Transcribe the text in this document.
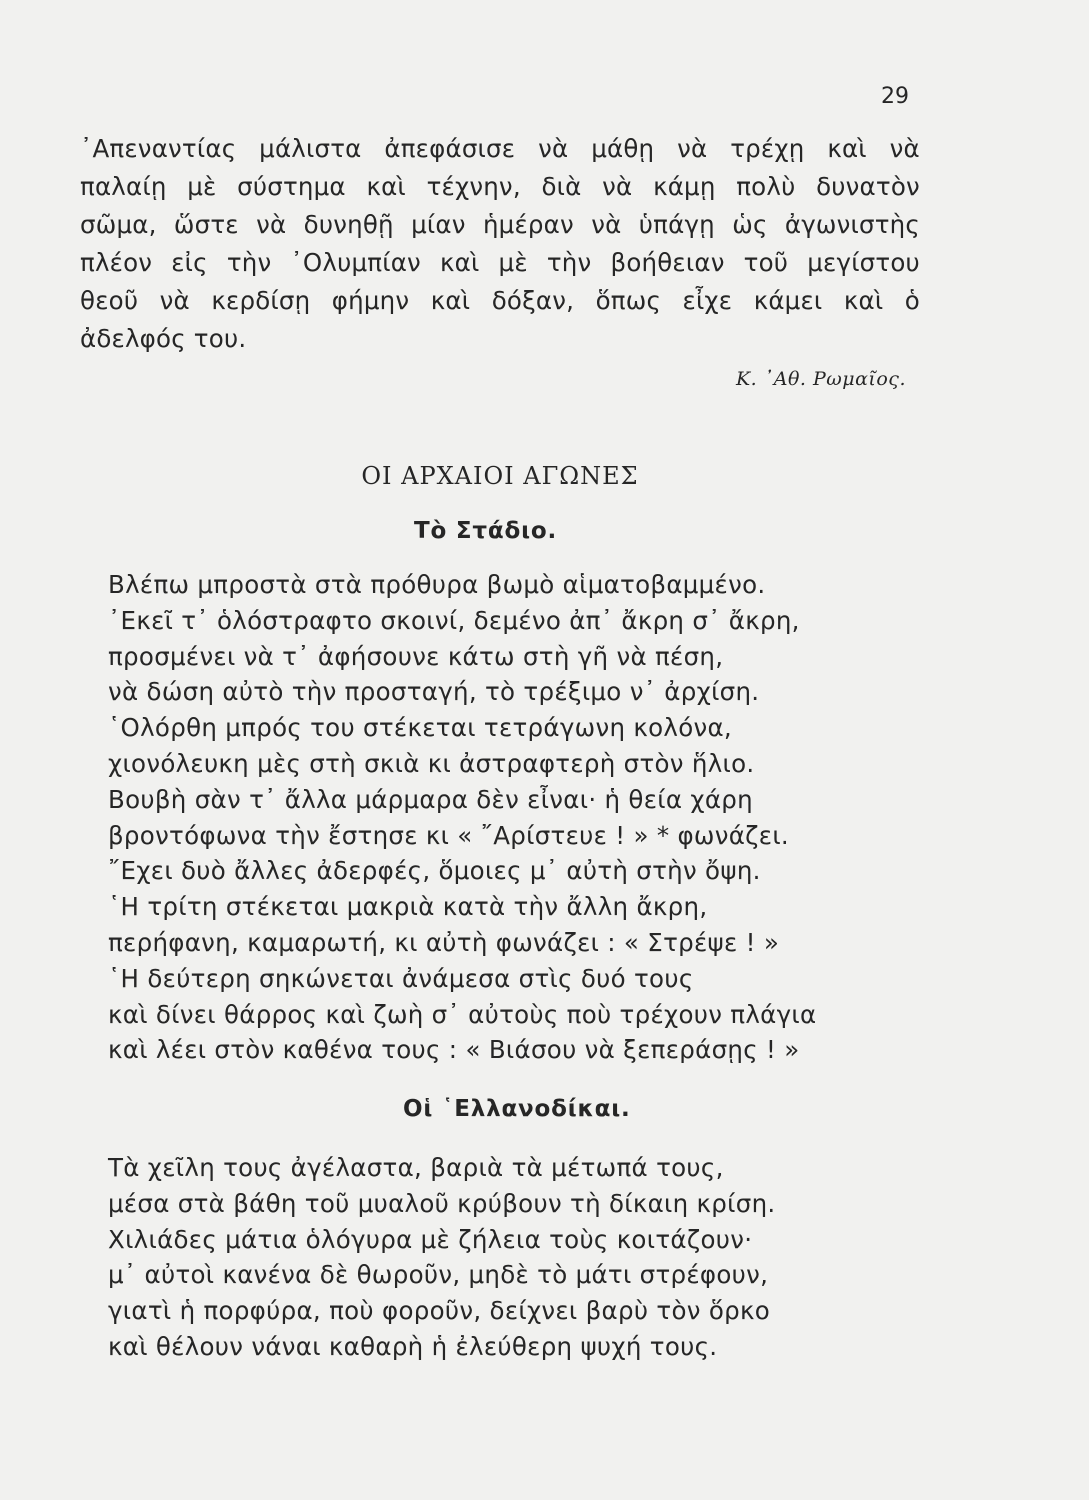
29
᾿Απεναντίας μάλιστα ἀπεφάσισε νὰ μάθῃ νὰ τρέχῃ καὶ νὰ
παλαίῃ μὲ σύστημα καὶ τέχνην, διὰ νὰ κάμῃ πολὺ δυνατὸν
σῶμα, ὥστε νὰ δυνηθῇ μίαν ἡμέραν νὰ ὑπάγῃ ὡς ἀγωνιστὴς
πλέον εἰς τὴν ᾿Ολυμπίαν καὶ μὲ τὴν βοήθειαν τοῦ μεγίστου
θεοῦ νὰ κερδίσῃ φήμην καὶ δόξαν, ὅπως εἶχε κάμει καὶ ὁ
ἀδελφός του.
Κ. ᾿Αθ. Ρωμαῖος.
ΟΙ ΑΡΧΑΙΟΙ ΑΓΩΝΕΣ
Τὸ Στάδιο.
Βλέπω μπροστὰ στὰ πρόθυρα βωμὸ αἱματοβαμμένο.
᾿Εκεῖ τ᾿ ὁλόστραφτο σκοινί, δεμένο ἀπ᾿ ἄκρη σ᾿ ἄκρη,
προσμένει νὰ τ᾿ ἀφήσουνε κάτω στὴ γῆ νὰ πέση,
νὰ δώση αὐτὸ τὴν προσταγή, τὸ τρέξιμο ν᾿ ἀρχίση.
῾Ολόρθη μπρός του στέκεται τετράγωνη κολόνα,
χιονόλευκη μὲς στὴ σκιὰ κι ἀστραφτερὴ στὸν ἥλιο.
Βουβὴ σὰν τ᾿ ἄλλα μάρμαρα δὲν εἶναι· ἡ θεία χάρη
βροντόφωνα τὴν ἔστησε κι « ῎Αρίστευε ! » * φωνάζει.
῎Εχει δυὸ ἄλλες ἀδερφές, ὅμοιες μ᾿ αὐτὴ στὴν ὄψη.
῾Η τρίτη στέκεται μακριὰ κατὰ τὴν ἄλλη ἄκρη,
περήφανη, καμαρωτή, κι αὐτὴ φωνάζει : « Στρέψε ! »
῾Η δεύτερη σηκώνεται ἀνάμεσα στὶς δυό τους
καὶ δίνει θάρρος καὶ ζωὴ σ᾿ αὐτοὺς ποὺ τρέχουν πλάγια
καὶ λέει στὸν καθένα τους : « Βιάσου νὰ ξεπεράσῃς ! »
Οἱ ῾Ελλανοδίκαι.
Τὰ χεῖλη τους ἀγέλαστα, βαριὰ τὰ μέτωπά τους,
μέσα στὰ βάθη τοῦ μυαλοῦ κρύβουν τὴ δίκαιη κρίση.
Χιλιάδες μάτια ὁλόγυρα μὲ ζήλεια τοὺς κοιτάζουν·
μ᾿ αὐτοὶ κανένα δὲ θωροῦν, μηδὲ τὸ μάτι στρέφουν,
γιατὶ ἡ πορφύρα, ποὺ φοροῦν, δείχνει βαρὺ τὸν ὅρκο
καὶ θέλουν νάναι καθαρὴ ἡ ἐλεύθερη ψυχή τους.
